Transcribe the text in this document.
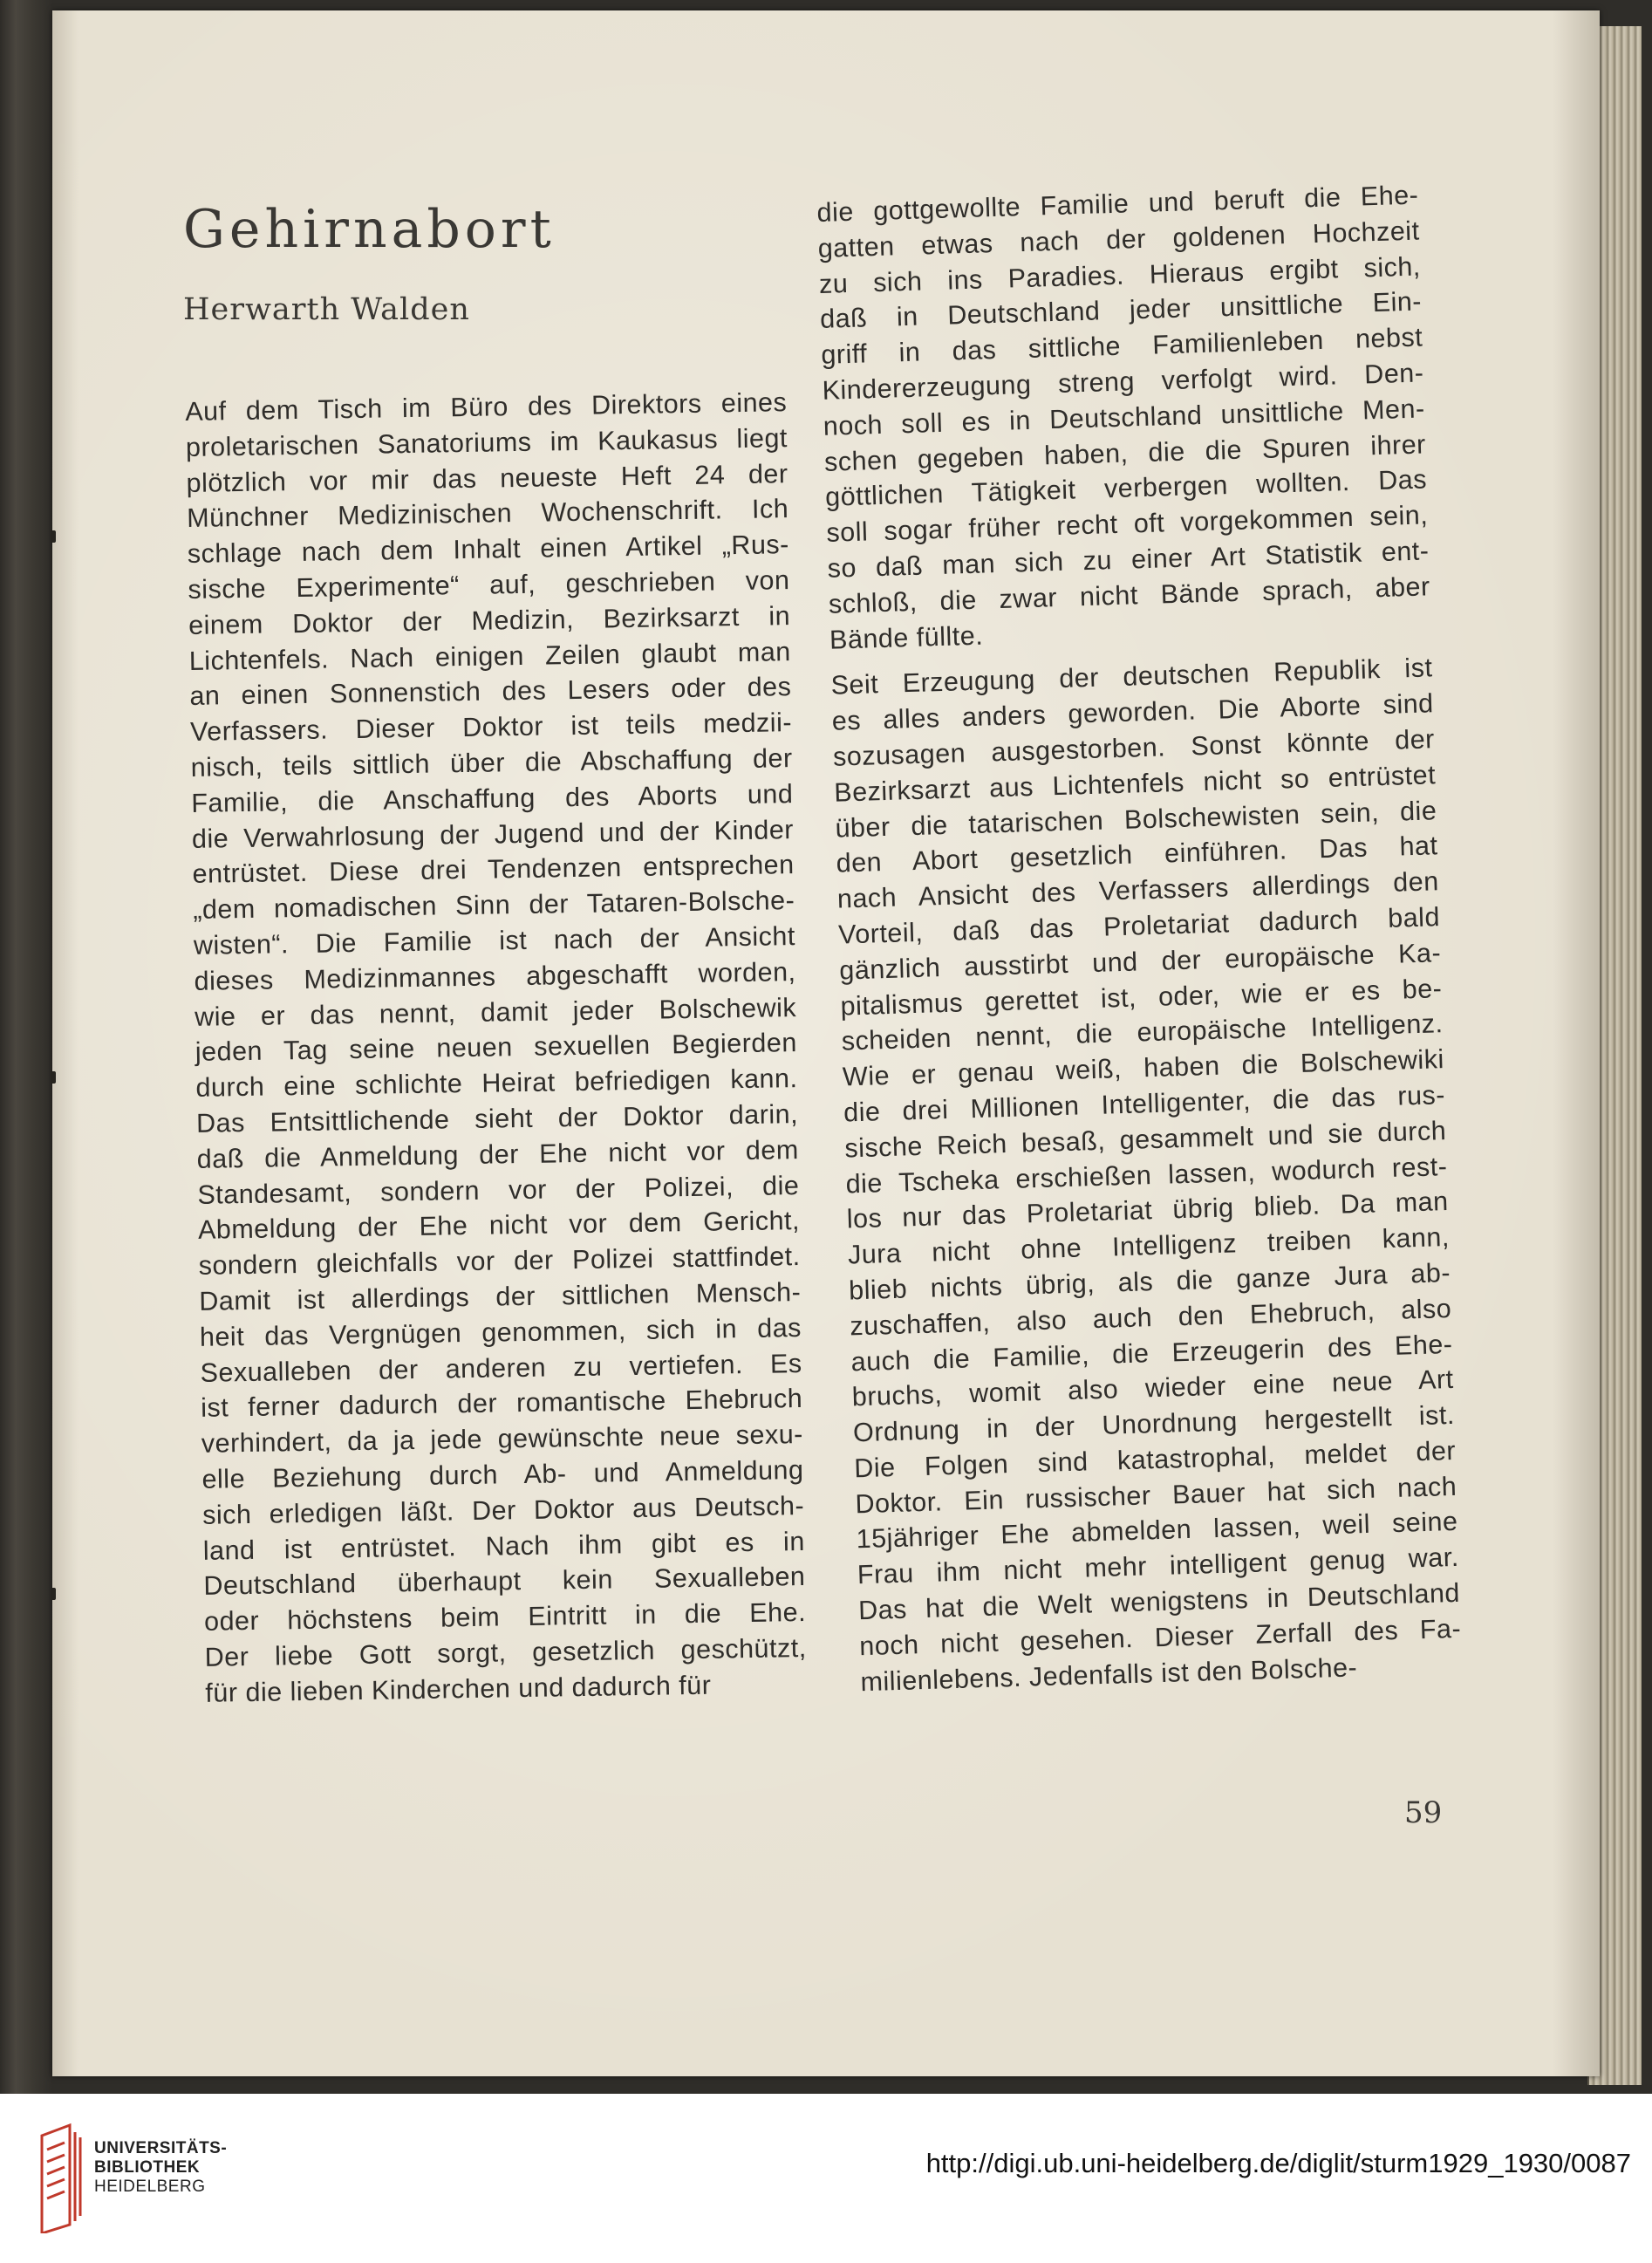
Gehirnabort
Herwarth Walden
Auf dem Tisch im Büro des Direktors eines
proletarischen Sanatoriums im Kaukasus liegt
plötzlich vor mir das neueste Heft 24 der
Münchner Medizinischen Wochenschrift. Ich
schlage nach dem Inhalt einen Artikel „Rus-
sische Experimente“ auf, geschrieben von
einem Doktor der Medizin, Bezirksarzt in
Lichtenfels. Nach einigen Zeilen glaubt man
an einen Sonnenstich des Lesers oder des
Verfassers. Dieser Doktor ist teils medzii-
nisch, teils sittlich über die Abschaffung der
Familie, die Anschaffung des Aborts und
die Verwahrlosung der Jugend und der Kinder
entrüstet. Diese drei Tendenzen entsprechen
„dem nomadischen Sinn der Tataren-Bolsche-
wisten“. Die Familie ist nach der Ansicht
dieses Medizinmannes abgeschafft worden,
wie er das nennt, damit jeder Bolschewik
jeden Tag seine neuen sexuellen Begierden
durch eine schlichte Heirat befriedigen kann.
Das Entsittlichende sieht der Doktor darin,
daß die Anmeldung der Ehe nicht vor dem
Standesamt, sondern vor der Polizei, die
Abmeldung der Ehe nicht vor dem Gericht,
sondern gleichfalls vor der Polizei stattfindet.
Damit ist allerdings der sittlichen Mensch-
heit das Vergnügen genommen, sich in das
Sexualleben der anderen zu vertiefen. Es
ist ferner dadurch der romantische Ehebruch
verhindert, da ja jede gewünschte neue sexu-
elle Beziehung durch Ab- und Anmeldung
sich erledigen läßt. Der Doktor aus Deutsch-
land ist entrüstet. Nach ihm gibt es in
Deutschland überhaupt kein Sexualleben
oder höchstens beim Eintritt in die Ehe.
Der liebe Gott sorgt, gesetzlich geschützt,
für die lieben Kinderchen und dadurch für
die gottgewollte Familie und beruft die Ehe-
gatten etwas nach der goldenen Hochzeit
zu sich ins Paradies. Hieraus ergibt sich,
daß in Deutschland jeder unsittliche Ein-
griff in das sittliche Familienleben nebst
Kindererzeugung streng verfolgt wird. Den-
noch soll es in Deutschland unsittliche Men-
schen gegeben haben, die die Spuren ihrer
göttlichen Tätigkeit verbergen wollten. Das
soll sogar früher recht oft vorgekommen sein,
so daß man sich zu einer Art Statistik ent-
schloß, die zwar nicht Bände sprach, aber
Bände füllte.
Seit Erzeugung der deutschen Republik ist
es alles anders geworden. Die Aborte sind
sozusagen ausgestorben. Sonst könnte der
Bezirksarzt aus Lichtenfels nicht so entrüstet
über die tatarischen Bolschewisten sein, die
den Abort gesetzlich einführen. Das hat
nach Ansicht des Verfassers allerdings den
Vorteil, daß das Proletariat dadurch bald
gänzlich ausstirbt und der europäische Ka-
pitalismus gerettet ist, oder, wie er es be-
scheiden nennt, die europäische Intelligenz.
Wie er genau weiß, haben die Bolschewiki
die drei Millionen Intelligenter, die das rus-
sische Reich besaß, gesammelt und sie durch
die Tscheka erschießen lassen, wodurch rest-
los nur das Proletariat übrig blieb. Da man
Jura nicht ohne Intelligenz treiben kann,
blieb nichts übrig, als die ganze Jura ab-
zuschaffen, also auch den Ehebruch, also
auch die Familie, die Erzeugerin des Ehe-
bruchs, womit also wieder eine neue Art
Ordnung in der Unordnung hergestellt ist.
Die Folgen sind katastrophal, meldet der
Doktor. Ein russischer Bauer hat sich nach
15jähriger Ehe abmelden lassen, weil seine
Frau ihm nicht mehr intelligent genug war.
Das hat die Welt wenigstens in Deutschland
noch nicht gesehen. Dieser Zerfall des Fa-
milienlebens. Jedenfalls ist den Bolsche-
59
UNIVERSITÄTS-
BIBLIOTHEK
HEIDELBERG
http://digi.ub.uni-heidelberg.de/diglit/sturm1929_1930/0087
